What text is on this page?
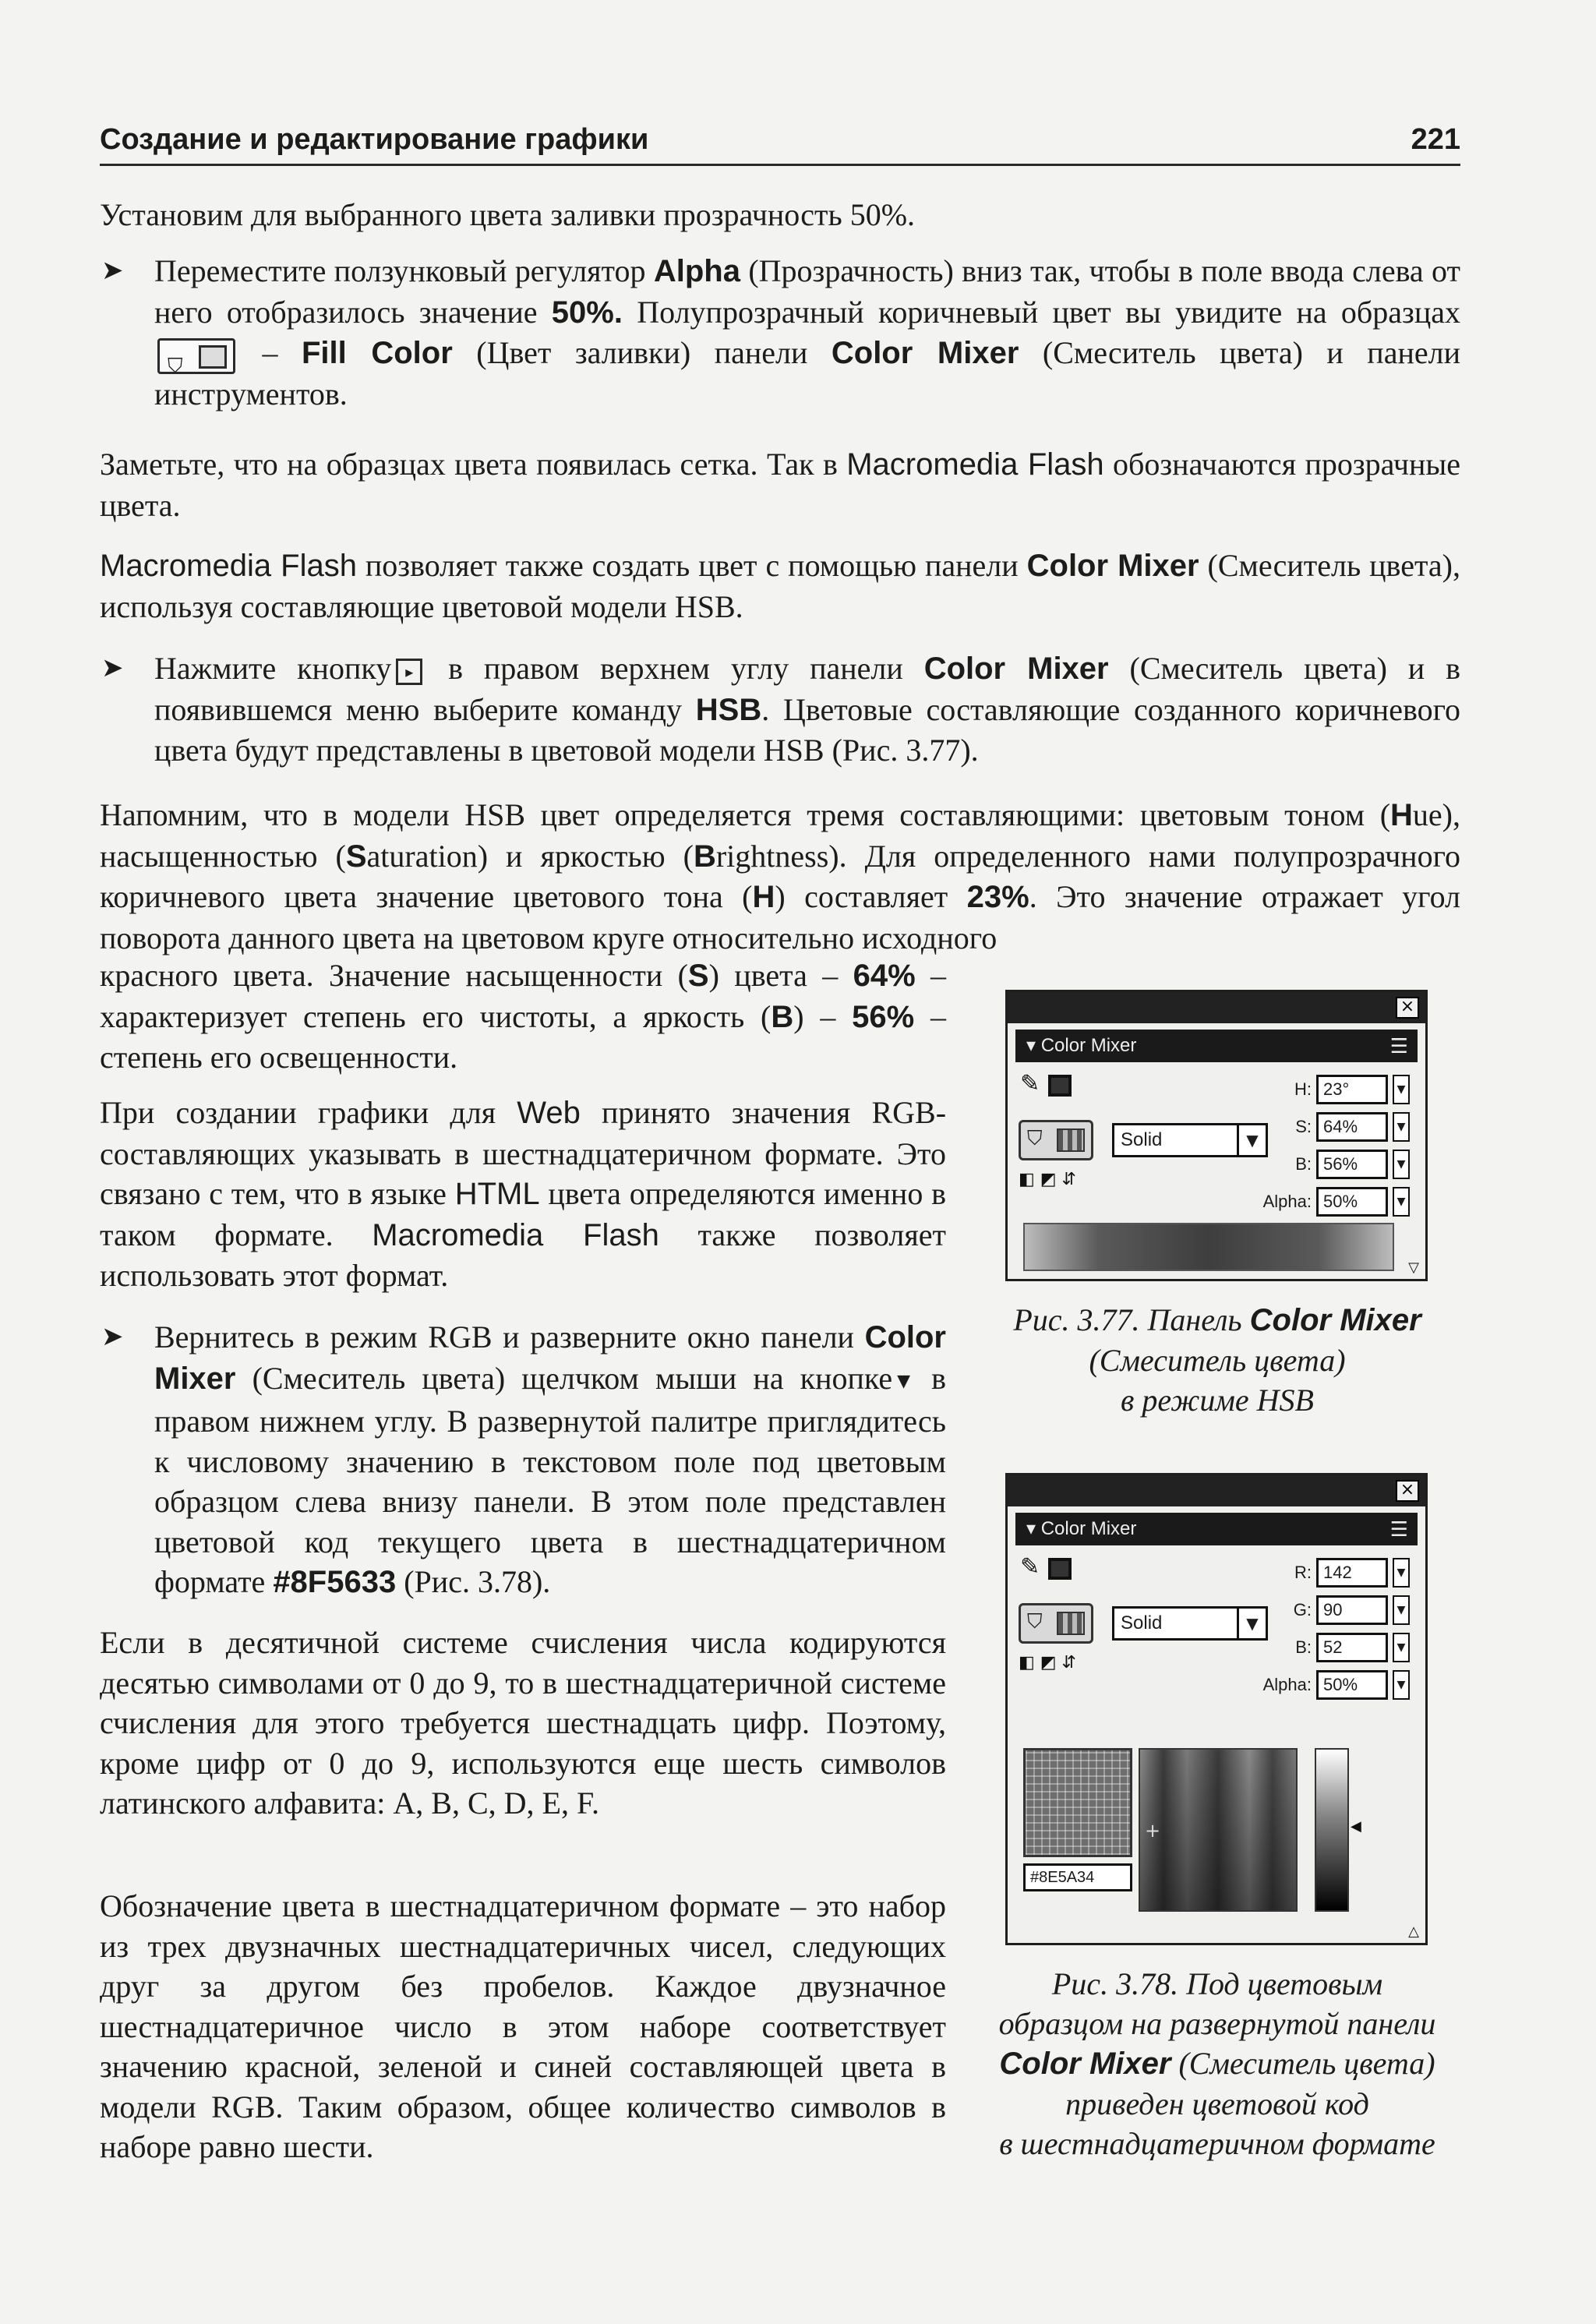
Создание и редактирование графики	221
Установим для выбранного цвета заливки прозрачность 50%.
➤ Переместите ползунковый регулятор Alpha (Прозрачность) вниз так, чтобы в поле ввода слева от него отобразилось значение 50%. Полупрозрачный коричневый цвет вы увидите на образцах
⛉ – Fill Color (Цвет заливки) панели Color Mixer (Смеситель цвета) и панели инструментов.
Заметьте, что на образцах цвета появилась сетка. Так в Macromedia Flash обозначаются прозрачные цвета.
Macromedia Flash позволяет также создать цвет с помощью панели Color Mixer (Смеситель цвета), используя составляющие цветовой модели HSB.
➤ Нажмите кнопку ▸ в правом верхнем углу панели Color Mixer (Смеситель цвета) и в появившемся меню выберите команду HSB. Цветовые составляющие созданного коричневого цвета будут представлены в цветовой модели HSB (Рис. 3.77).
Напомним, что в модели HSB цвет определяется тремя составляющими: цветовым тоном (Hue), насыщенностью (Saturation) и яркостью (Brightness). Для определенного нами полупрозрачного коричневого цвета значение цветового тона (H) составляет 23%. Это значение отражает угол поворота данного цвета на цветовом круге относительно исходного
красного цвета. Значение насыщенности (S) цвета – 64% – характеризует степень его чистоты, а яркость (B) – 56% – степень его освещенности.
При создании графики для Web принято значения RGB-составляющих указывать в шестнадцатеричном формате. Это связано с тем, что в языке HTML цвета определяются именно в таком формате. Macromedia Flash также позволяет использовать этот формат.
➤ Вернитесь в режим RGB и разверните окно панели Color Mixer (Смеситель цвета) щелчком мыши на кнопке ▼ в правом нижнем углу. В развернутой палитре приглядитесь к числовому значению в текстовом поле под цветовым образцом слева внизу панели. В этом поле представлен цветовой код текущего цвета в шестнадцатеричном формате #8F5633 (Рис. 3.78).
Если в десятичной системе счисления числа кодируются десятью символами от 0 до 9, то в шестнадцатеричной системе счисления для этого требуется шестнадцать цифр. Поэтому, кроме цифр от 0 до 9, используются еще шесть символов латинского алфавита: A, B, C, D, E, F.
Обозначение цвета в шестнадцатеричном формате – это набор из трех двузначных шестнадцатеричных чисел, следующих друг за другом без пробелов. Каждое двузначное шестнадцатеричное число в этом наборе соответствует значению красной, зеленой и синей составляющей цвета в модели RGB. Таким образом, общее количество символов в наборе равно шести.
×
▾ Color Mixer	☰
✎
⛉	Solid	▼
◧ ◩ ⇵
H: 23°	▼
S: 64%	▼
B: 56%	▼
Alpha: 50%	▼
▽
Рис. 3.77. Панель Color Mixer
(Смеситель цвета)
в режиме HSB
×
▾ Color Mixer	☰
✎
⛉	Solid	▼
◧ ◩ ⇵
R: 142	▼
G: 90	▼
B: 52	▼
Alpha: 50%	▼
#8E5A34
+	◀
△
Рис. 3.78. Под цветовым
образцом на развернутой панели
Color Mixer (Смеситель цвета)
приведен цветовой код
в шестнадцатеричном формате
